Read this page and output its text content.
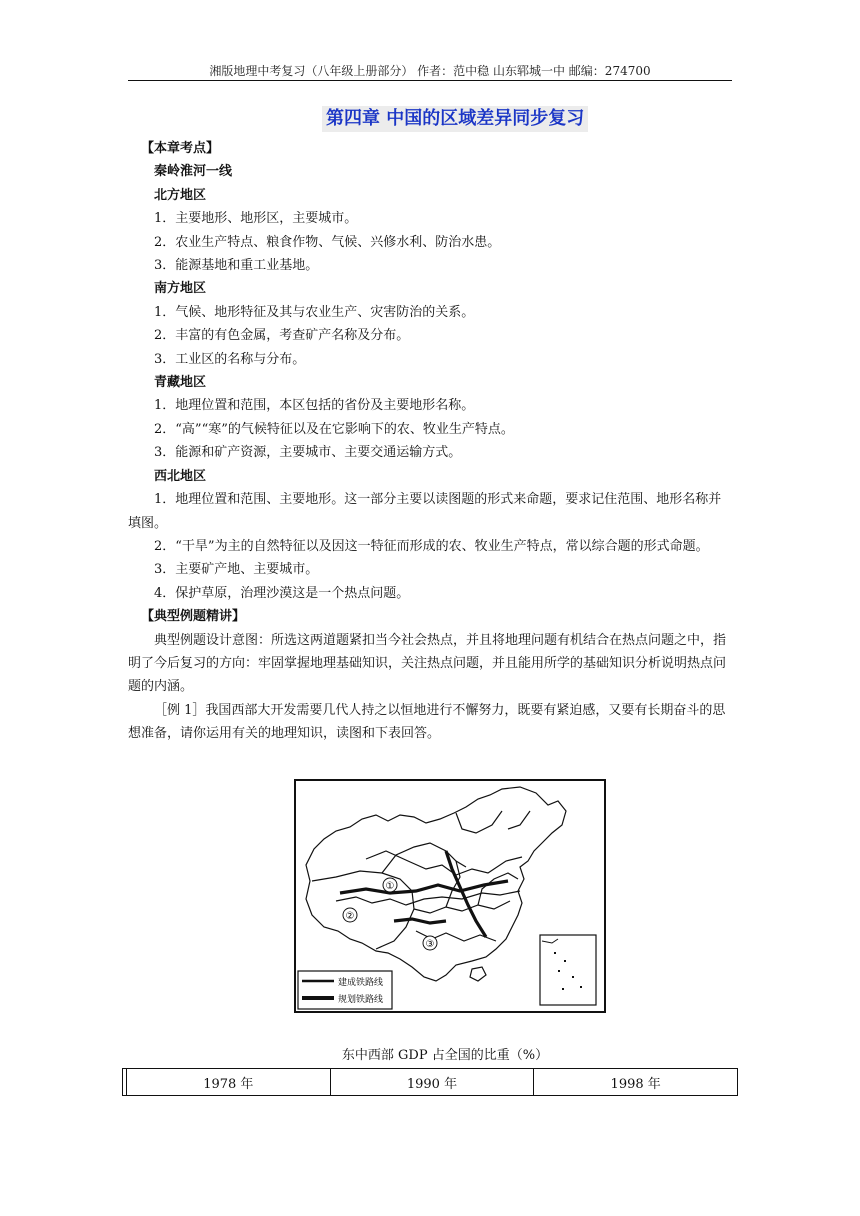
湘版地理中考复习（八年级上册部分） 作者：范中稳 山东郓城一中 邮编：274700
第四章 中国的区域差异同步复习

【本章考点】

秦岭淮河一线

北方地区

1．主要地形、地形区，主要城市。

2．农业生产特点、粮食作物、气候、兴修水利、防治水患。

3．能源基地和重工业基地。

南方地区

1．气候、地形特征及其与农业生产、灾害防治的关系。

2．丰富的有色金属，考查矿产名称及分布。

3．工业区的名称与分布。

青藏地区

1．地理位置和范围，本区包括的省份及主要地形名称。

2．“高”“寒”的气候特征以及在它影响下的农、牧业生产特点。

3．能源和矿产资源，主要城市、主要交通运输方式。

西北地区

1．地理位置和范围、主要地形。这一部分主要以读图题的形式来命题，要求记住范围、地形名称并填图。

2．“干旱”为主的自然特征以及因这一特征而形成的农、牧业生产特点，常以综合题的形式命题。

3．主要矿产地、主要城市。

4．保护草原，治理沙漠这是一个热点问题。

【典型例题精讲】

典型例题设计意图：所选这两道题紧扣当今社会热点，并且将地理问题有机结合在热点问题之中，指明了今后复习的方向：牢固掌握地理基础知识，关注热点问题，并且能用所学的基础知识分析说明热点问题的内涵。

［例 1］我国西部大开发需要几代人持之以恒地进行不懈努力，既要有紧迫感，又要有长期奋斗的思想准备，请你运用有关的地理知识，读图和下表回答。

①
②
③
建成铁路线
规划铁路线
东中西部 GDP 占全国的比重（%）
	1978 年	1990 年	1998 年
